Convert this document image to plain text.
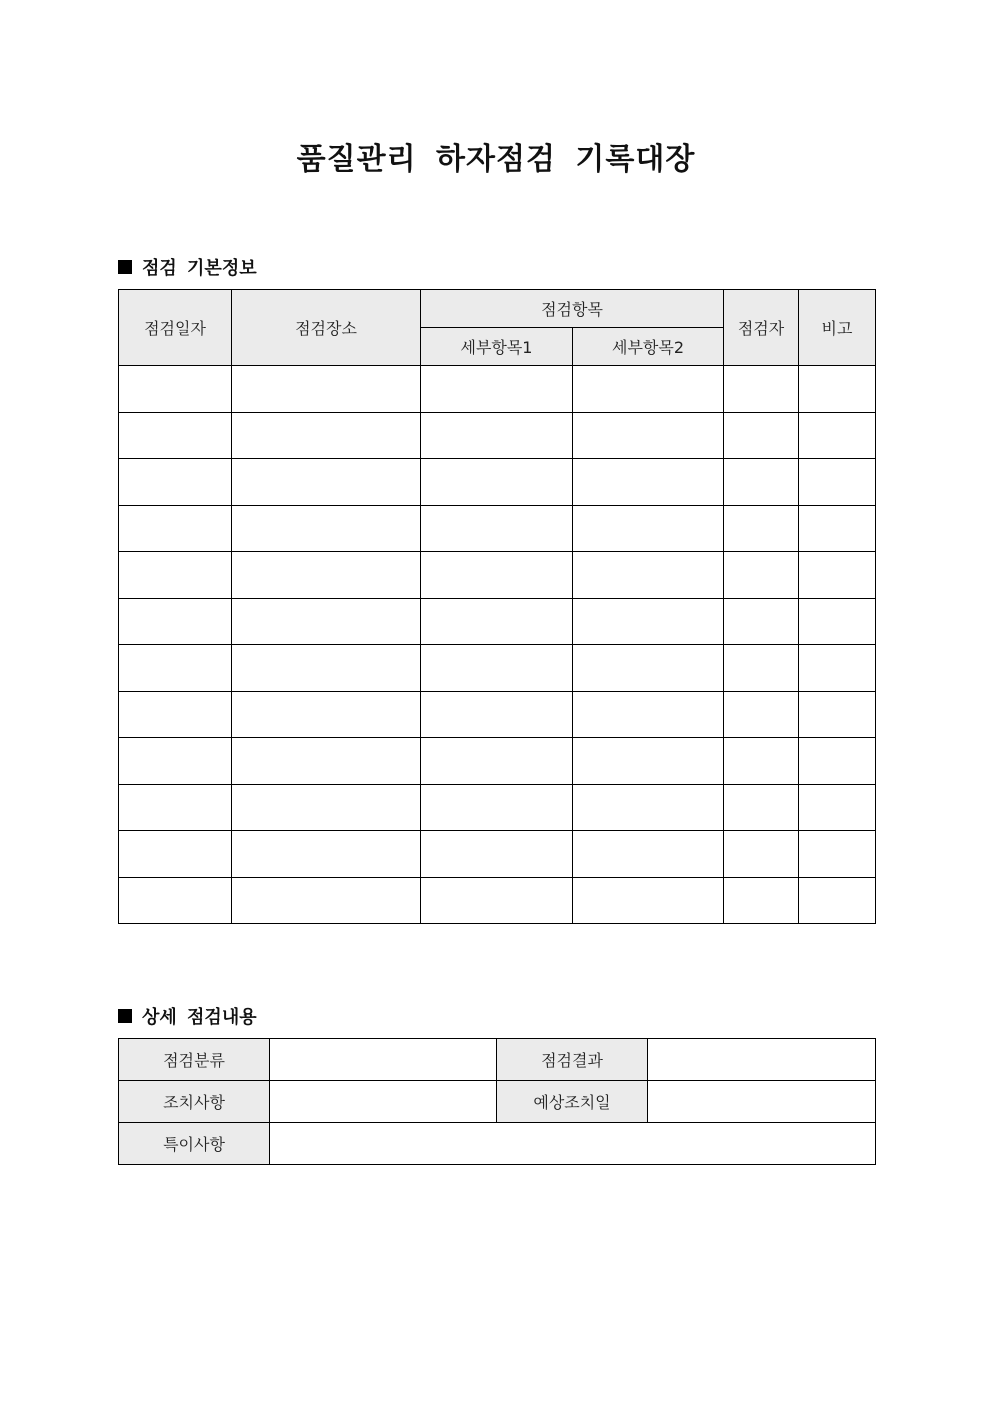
품질관리 하자점검 기록대장
점검 기본정보
점검일자	점검장소	점검항목		점검자	비고
		세부항목1	세부항목2		

상세 점검내용
점검분류		점검결과	
조치사항		예상조치일	
특이사항			
